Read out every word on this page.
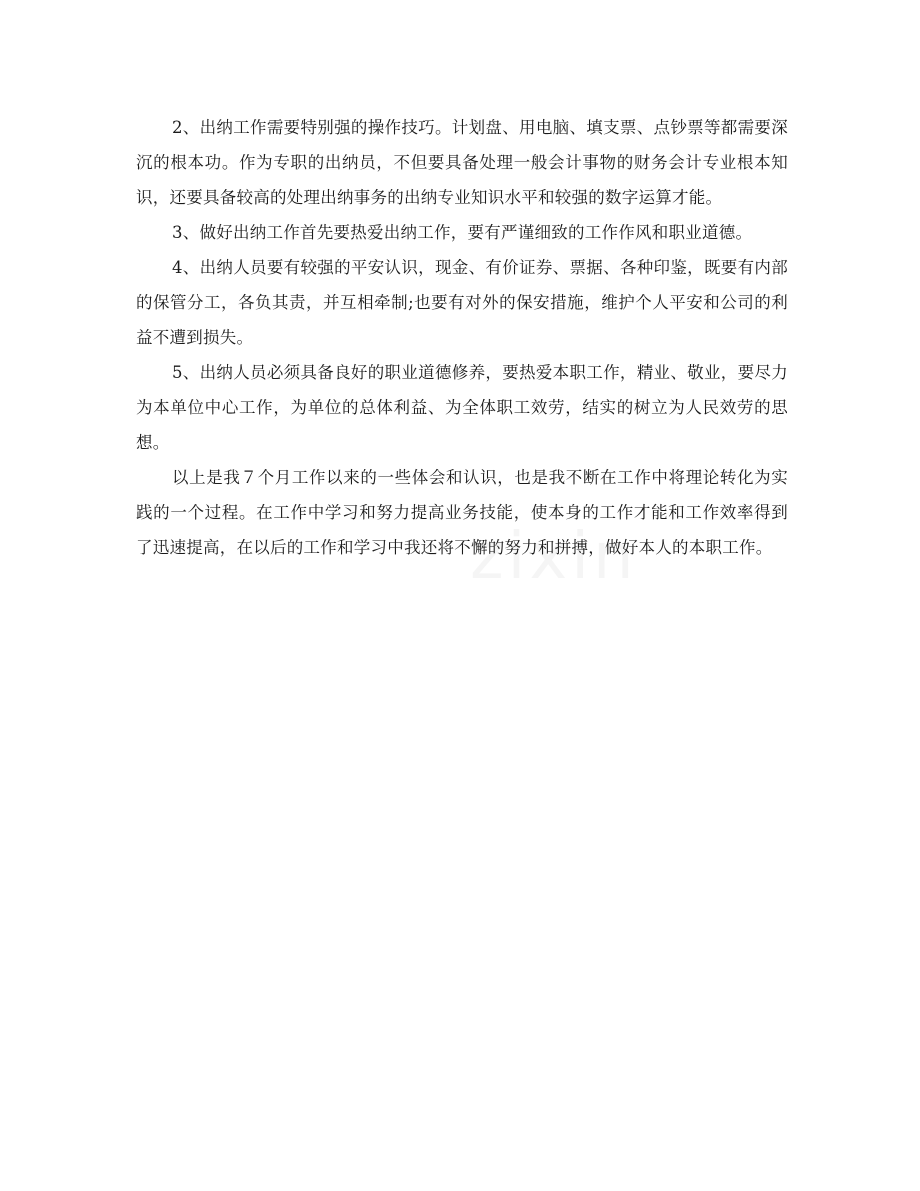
2、出纳工作需要特别强的操作技巧。计划盘、用电脑、填支票、点钞票等都需要深沉的根本功。作为专职的出纳员，不但要具备处理一般会计事物的财务会计专业根本知识，还要具备较高的处理出纳事务的出纳专业知识水平和较强的数字运算才能。

3、做好出纳工作首先要热爱出纳工作，要有严谨细致的工作作风和职业道德。

4、出纳人员要有较强的平安认识，现金、有价证券、票据、各种印鉴，既要有内部的保管分工，各负其责，并互相牵制;也要有对外的保安措施，维护个人平安和公司的利益不遭到损失。

5、出纳人员必须具备良好的职业道德修养，要热爱本职工作，精业、敬业，要尽力为本单位中心工作，为单位的总体利益、为全体职工效劳，结实的树立为人民效劳的思想。

以上是我７个月工作以来的一些体会和认识，也是我不断在工作中将理论转化为实践的一个过程。在工作中学习和努力提高业务技能，使本身的工作才能和工作效率得到了迅速提高，在以后的工作和学习中我还将不懈的努力和拼搏，做好本人的本职工作。
